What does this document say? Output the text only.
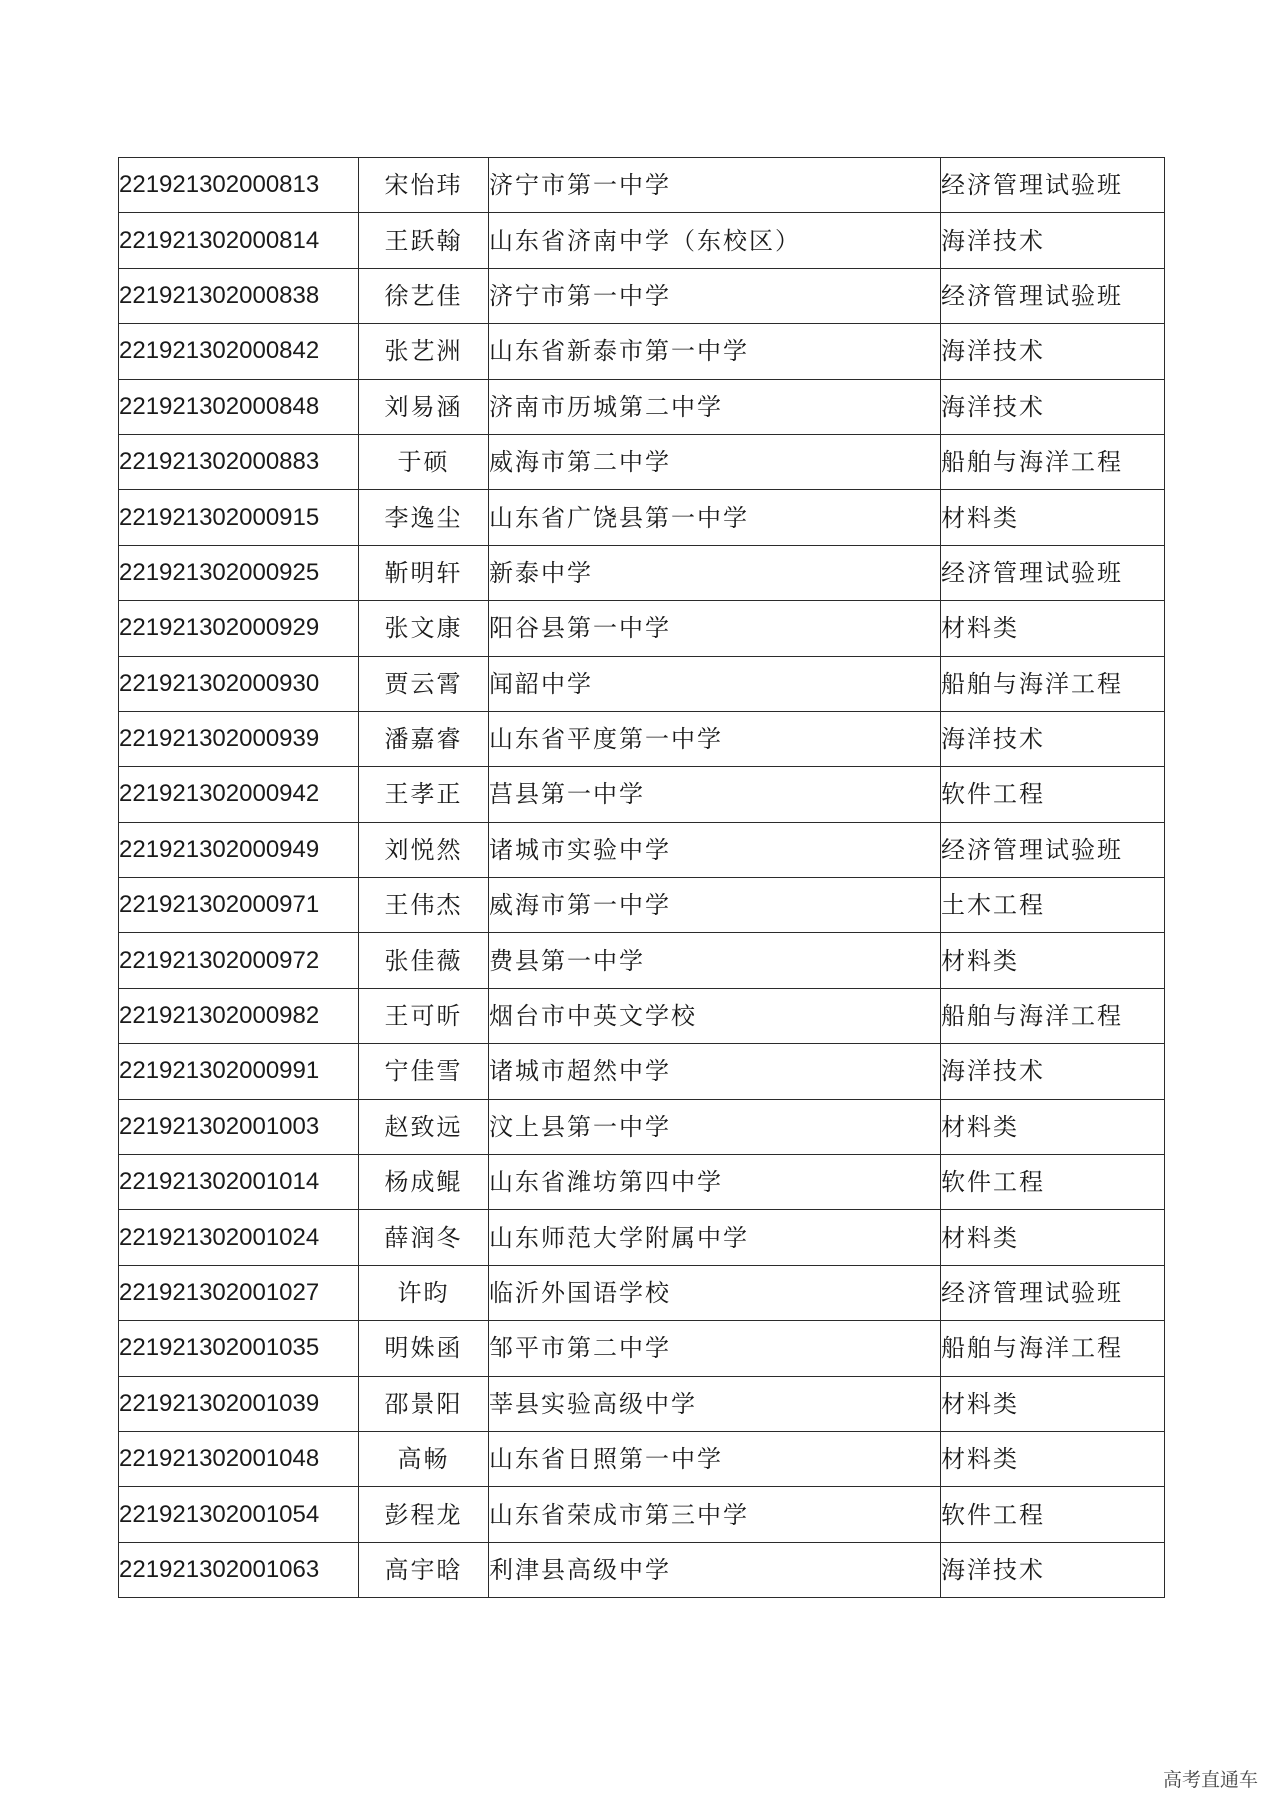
221921302000813	宋怡玮	济宁市第一中学	经济管理试验班
221921302000814	王跃翰	山东省济南中学（东校区）	海洋技术
221921302000838	徐艺佳	济宁市第一中学	经济管理试验班
221921302000842	张艺洲	山东省新泰市第一中学	海洋技术
221921302000848	刘易涵	济南市历城第二中学	海洋技术
221921302000883	于硕	威海市第二中学	船舶与海洋工程
221921302000915	李逸尘	山东省广饶县第一中学	材料类
221921302000925	靳明轩	新泰中学	经济管理试验班
221921302000929	张文康	阳谷县第一中学	材料类
221921302000930	贾云霄	闻韶中学	船舶与海洋工程
221921302000939	潘嘉睿	山东省平度第一中学	海洋技术
221921302000942	王孝正	莒县第一中学	软件工程
221921302000949	刘悦然	诸城市实验中学	经济管理试验班
221921302000971	王伟杰	威海市第一中学	土木工程
221921302000972	张佳薇	费县第一中学	材料类
221921302000982	王可昕	烟台市中英文学校	船舶与海洋工程
221921302000991	宁佳雪	诸城市超然中学	海洋技术
221921302001003	赵致远	汶上县第一中学	材料类
221921302001014	杨成鲲	山东省潍坊第四中学	软件工程
221921302001024	薛润冬	山东师范大学附属中学	材料类
221921302001027	许昀	临沂外国语学校	经济管理试验班
221921302001035	明姝函	邹平市第二中学	船舶与海洋工程
221921302001039	邵景阳	莘县实验高级中学	材料类
221921302001048	高畅	山东省日照第一中学	材料类
221921302001054	彭程龙	山东省荣成市第三中学	软件工程
221921302001063	高宇晗	利津县高级中学	海洋技术
高考直通车
